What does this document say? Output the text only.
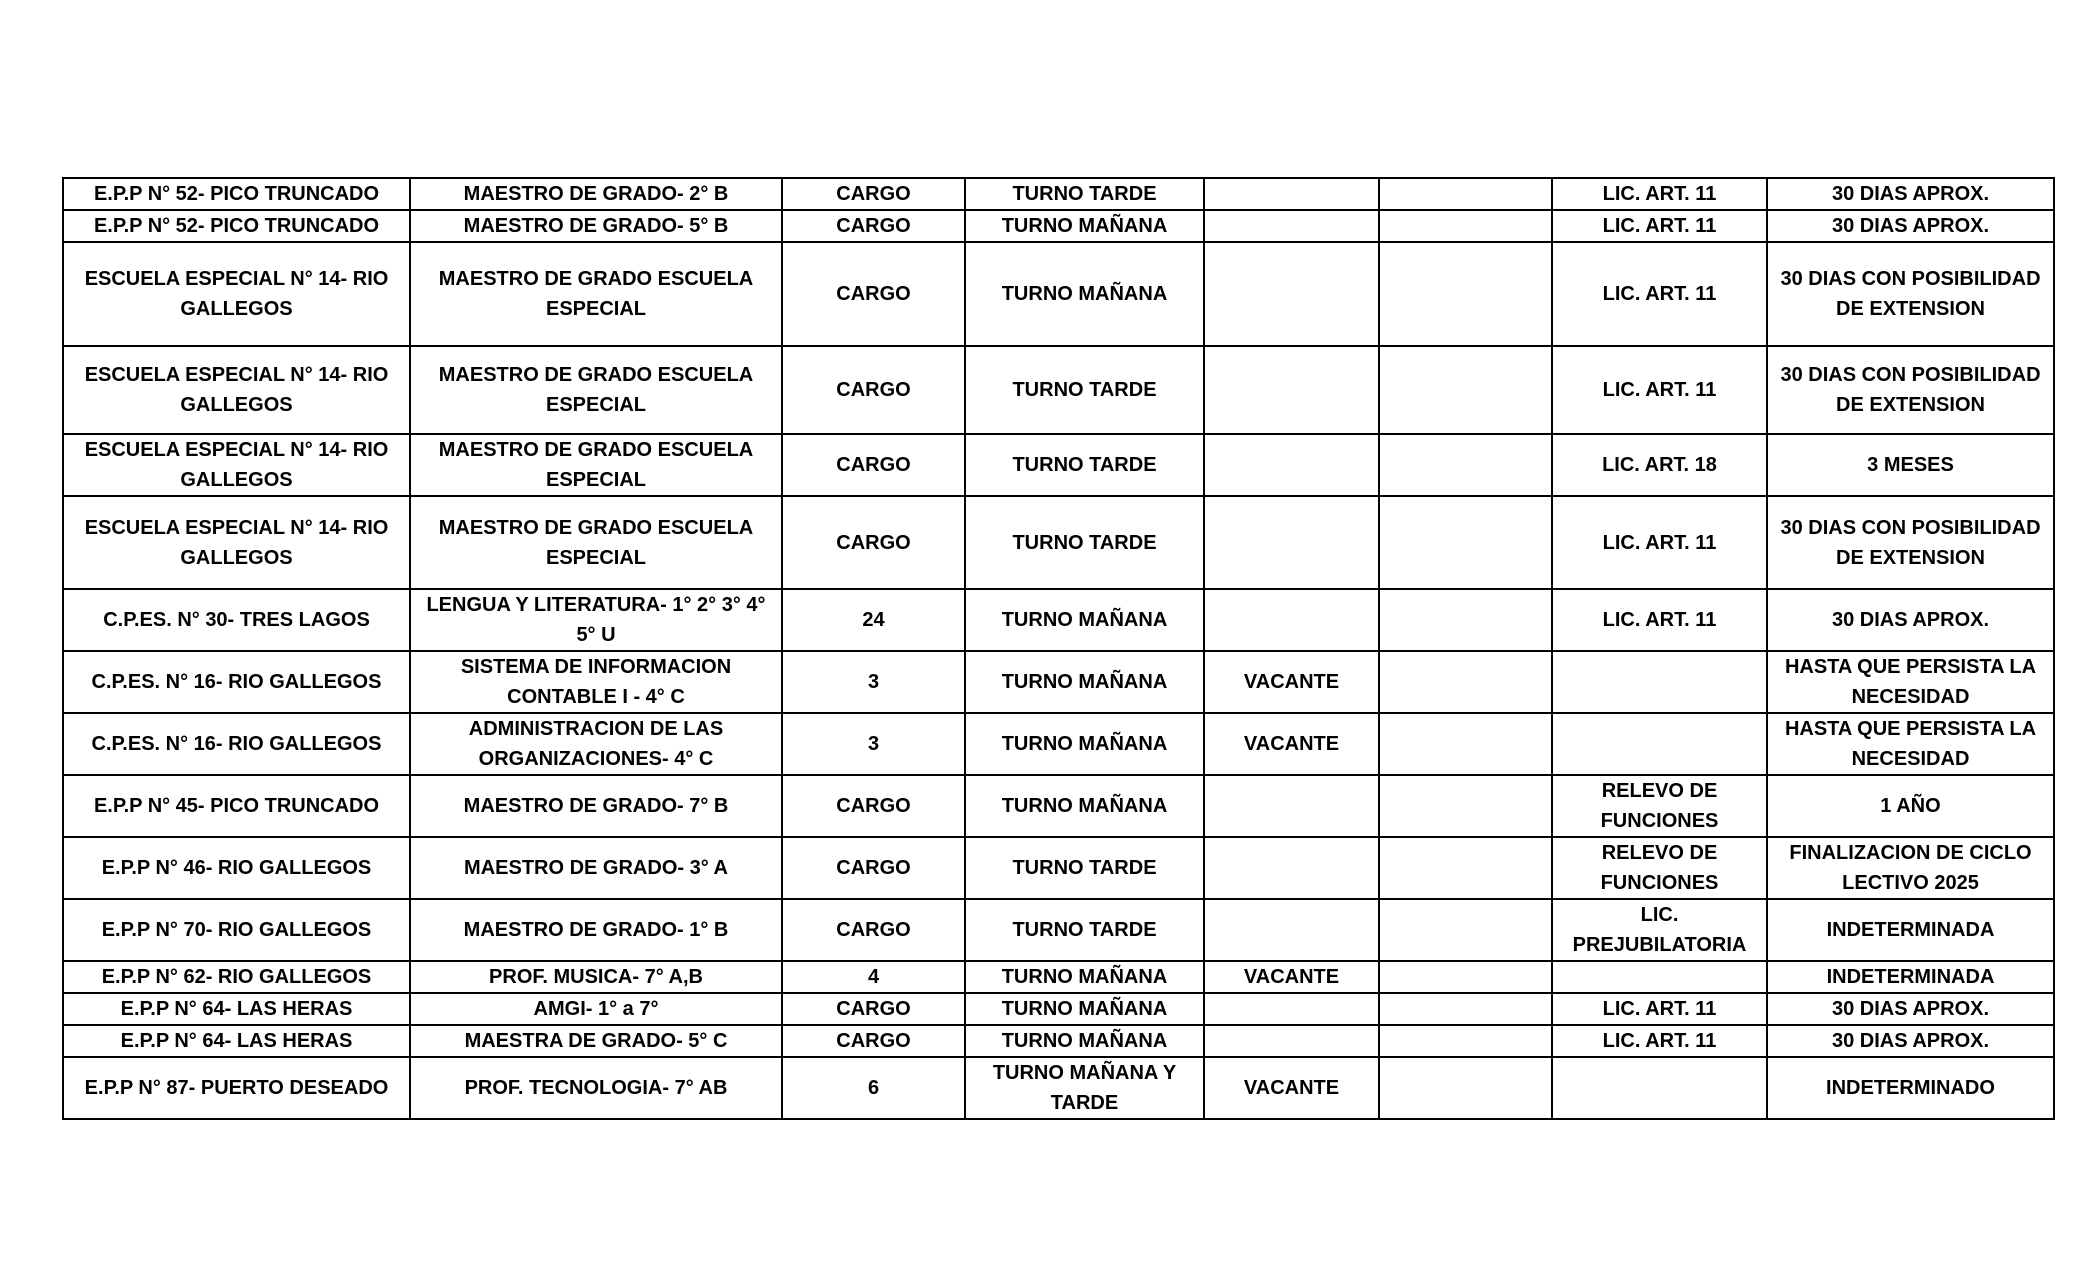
E.P.P N° 52- PICO TRUNCADO	MAESTRO DE GRADO- 2° B	CARGO	TURNO TARDE			LIC. ART. 11	30 DIAS APROX.
E.P.P N° 52- PICO TRUNCADO	MAESTRO DE GRADO- 5° B	CARGO	TURNO MAÑANA			LIC. ART. 11	30 DIAS APROX.
ESCUELA ESPECIAL N° 14- RIO GALLEGOS	MAESTRO DE GRADO ESCUELA ESPECIAL	CARGO	TURNO MAÑANA			LIC. ART. 11	30 DIAS CON POSIBILIDAD DE EXTENSION
ESCUELA ESPECIAL N° 14- RIO GALLEGOS	MAESTRO DE GRADO ESCUELA ESPECIAL	CARGO	TURNO TARDE			LIC. ART. 11	30 DIAS CON POSIBILIDAD DE EXTENSION
ESCUELA ESPECIAL N° 14- RIO GALLEGOS	MAESTRO DE GRADO ESCUELA ESPECIAL	CARGO	TURNO TARDE			LIC. ART. 18	3 MESES
ESCUELA ESPECIAL N° 14- RIO GALLEGOS	MAESTRO DE GRADO ESCUELA ESPECIAL	CARGO	TURNO TARDE			LIC. ART. 11	30 DIAS CON POSIBILIDAD DE EXTENSION
C.P.ES. N° 30- TRES LAGOS	LENGUA Y LITERATURA- 1° 2° 3° 4° 5° U	24	TURNO MAÑANA			LIC. ART. 11	30 DIAS APROX.
C.P.ES. N° 16- RIO GALLEGOS	SISTEMA DE INFORMACION CONTABLE I - 4° C	3	TURNO MAÑANA	VACANTE			HASTA QUE PERSISTA LA NECESIDAD
C.P.ES. N° 16- RIO GALLEGOS	ADMINISTRACION DE LAS ORGANIZACIONES- 4° C	3	TURNO MAÑANA	VACANTE			HASTA QUE PERSISTA LA NECESIDAD
E.P.P N° 45- PICO TRUNCADO	MAESTRO DE GRADO- 7° B	CARGO	TURNO MAÑANA			RELEVO DE FUNCIONES	1 AÑO
E.P.P N° 46- RIO GALLEGOS	MAESTRO DE GRADO- 3° A	CARGO	TURNO TARDE			RELEVO DE FUNCIONES	FINALIZACION DE CICLO LECTIVO 2025
E.P.P N° 70- RIO GALLEGOS	MAESTRO DE GRADO- 1° B	CARGO	TURNO TARDE			LIC. PREJUBILATORIA	INDETERMINADA
E.P.P N° 62- RIO GALLEGOS	PROF. MUSICA- 7° A,B	4	TURNO MAÑANA	VACANTE			INDETERMINADA
E.P.P N° 64- LAS HERAS	AMGI- 1° a 7°	CARGO	TURNO MAÑANA			LIC. ART. 11	30 DIAS APROX.
E.P.P N° 64- LAS HERAS	MAESTRA DE GRADO- 5° C	CARGO	TURNO MAÑANA			LIC. ART. 11	30 DIAS APROX.
E.P.P N° 87- PUERTO DESEADO	PROF. TECNOLOGIA- 7° AB	6	TURNO MAÑANA Y TARDE	VACANTE			INDETERMINADO
